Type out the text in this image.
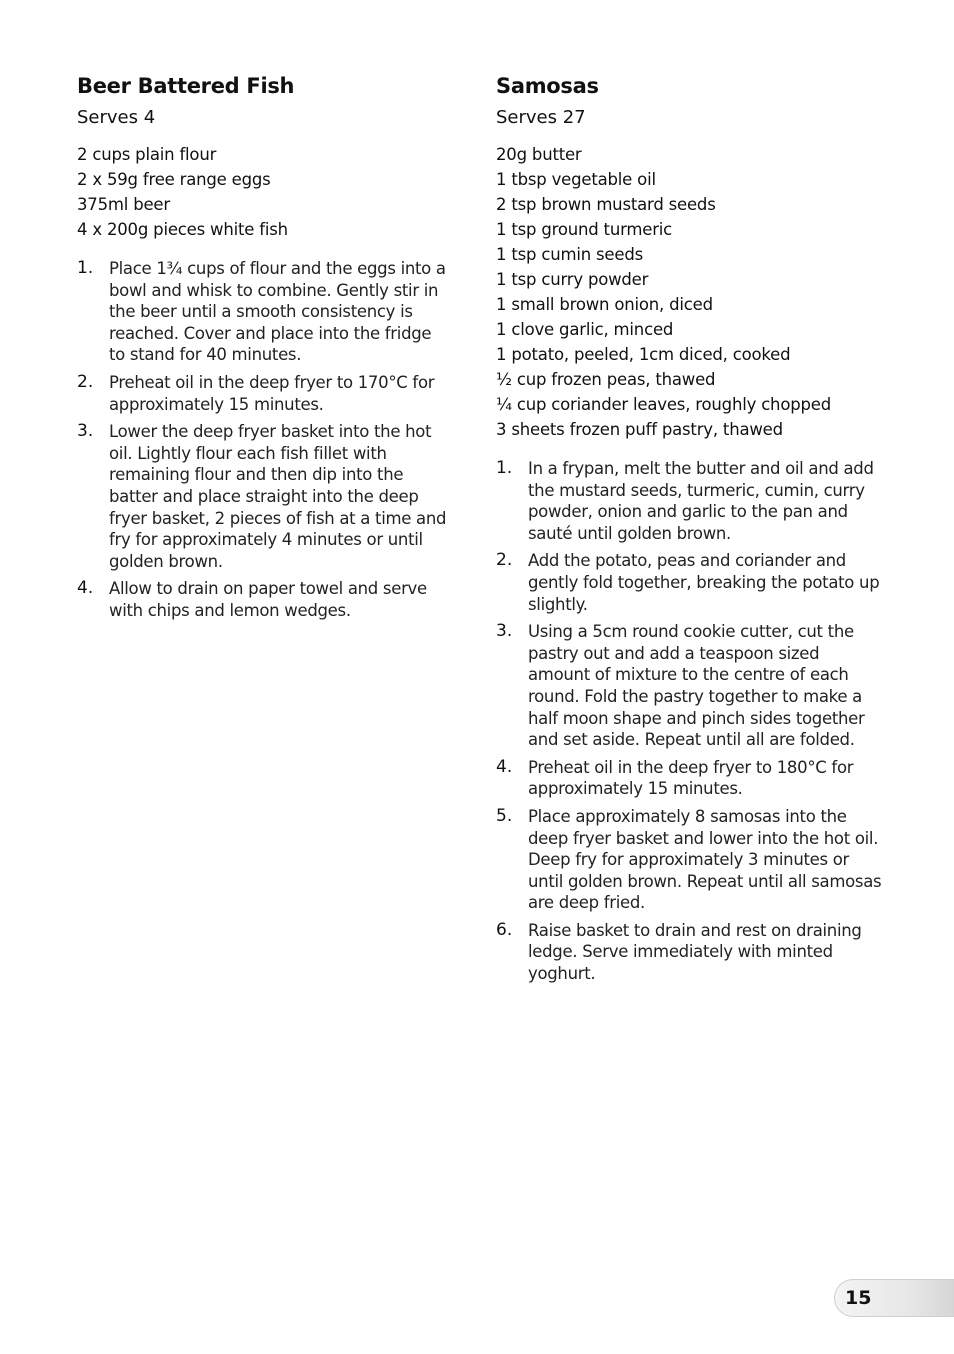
Beer Battered Fish
Serves 4
2 cups plain flour
2 x 59g free range eggs
375ml beer
4 x 200g pieces white fish
1. Place 1¾ cups of flour and the eggs into a bowl and whisk to combine. Gently stir in the beer until a smooth consistency is reached. Cover and place into the fridge to stand for 40 minutes.
2. Preheat oil in the deep fryer to 170°C for approximately 15 minutes.
3. Lower the deep fryer basket into the hot oil. Lightly flour each fish fillet with remaining flour and then dip into the batter and place straight into the deep fryer basket, 2 pieces of fish at a time and fry for approximately 4 minutes or until golden brown.
4. Allow to drain on paper towel and serve with chips and lemon wedges.
Samosas
Serves 27
20g butter
1 tbsp vegetable oil
2 tsp brown mustard seeds
1 tsp ground turmeric
1 tsp cumin seeds
1 tsp curry powder
1 small brown onion, diced
1 clove garlic, minced
1 potato, peeled, 1cm diced, cooked
½ cup frozen peas, thawed
¼ cup coriander leaves, roughly chopped
3 sheets frozen puff pastry, thawed
1. In a frypan, melt the butter and oil and add the mustard seeds, turmeric, cumin, curry powder, onion and garlic to the pan and sauté until golden brown.
2. Add the potato, peas and coriander and gently fold together, breaking the potato up slightly.
3. Using a 5cm round cookie cutter, cut the pastry out and add a teaspoon sized amount of mixture to the centre of each round. Fold the pastry together to make a half moon shape and pinch sides together and set aside. Repeat until all are folded.
4. Preheat oil in the deep fryer to 180°C for approximately 15 minutes.
5. Place approximately 8 samosas into the deep fryer basket and lower into the hot oil. Deep fry for approximately 3 minutes or until golden brown. Repeat until all samosas are deep fried.
6. Raise basket to drain and rest on draining ledge. Serve immediately with minted yoghurt.
15
